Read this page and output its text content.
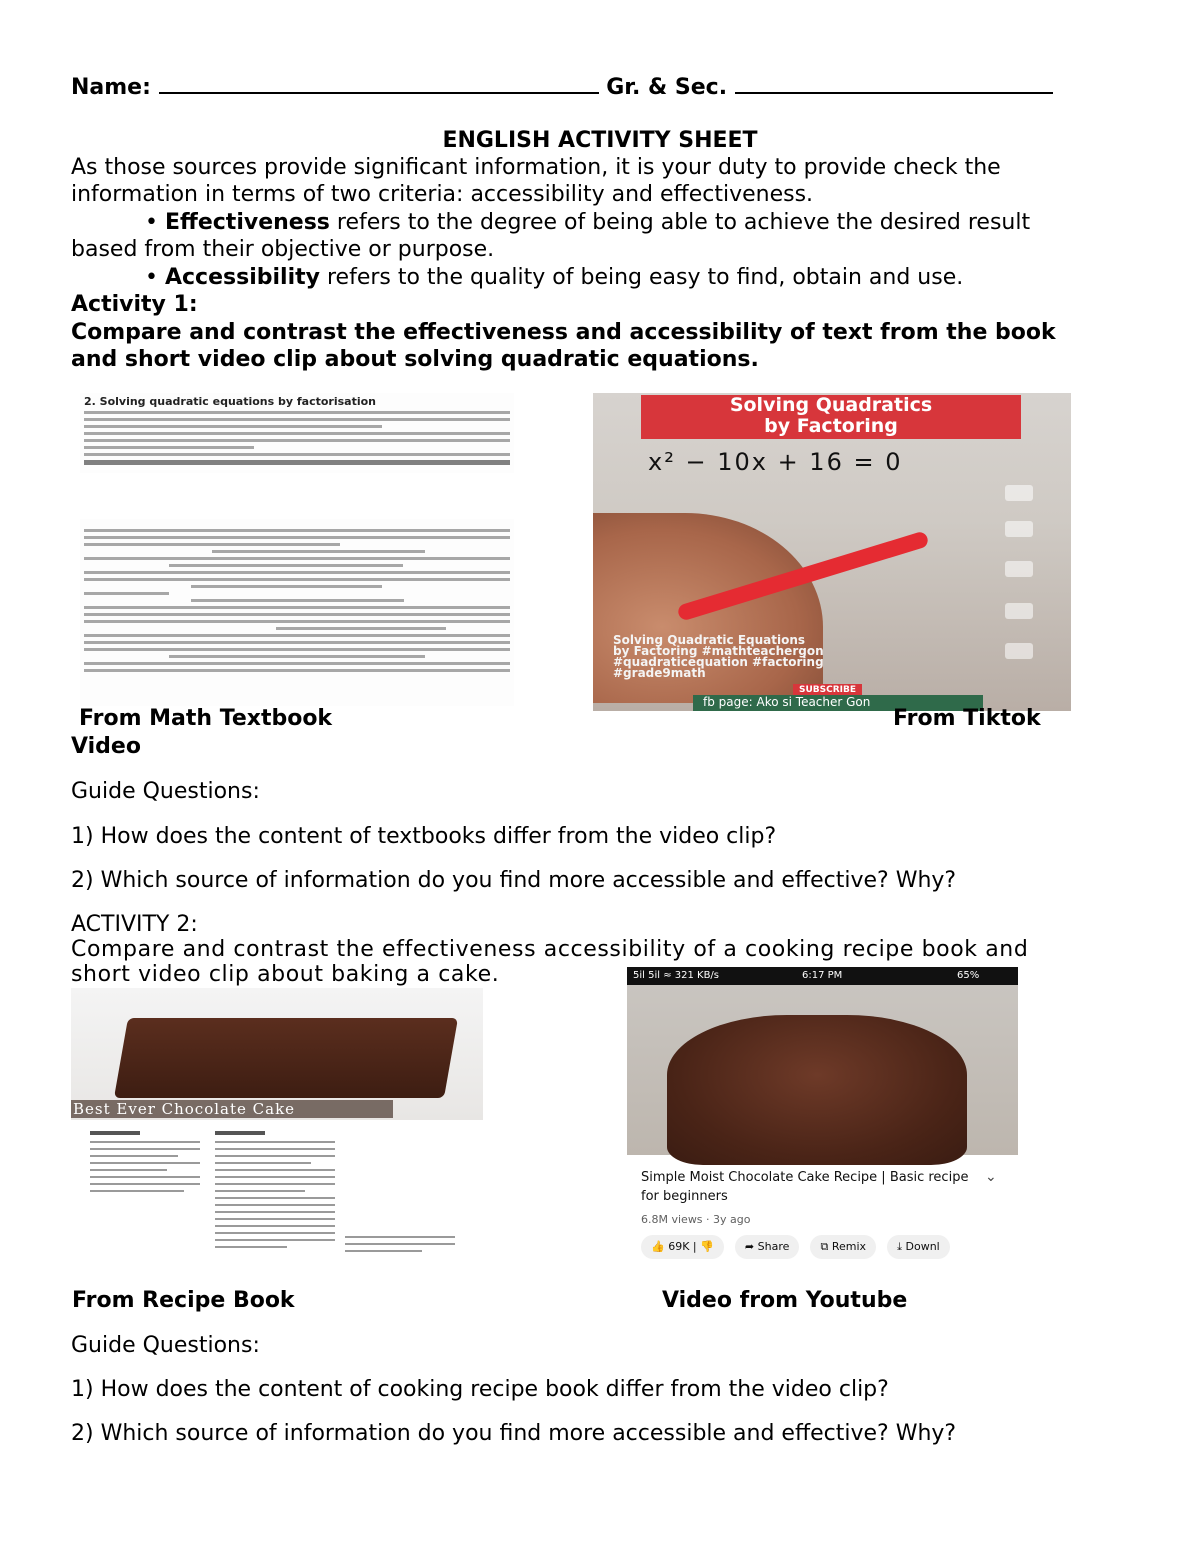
Name:	Gr. & Sec.
ENGLISH ACTIVITY SHEET
As those sources provide significant information, it is your duty to provide check the
information in terms of two criteria: accessibility and effectiveness.
• Effectiveness refers to the degree of being able to achieve the desired result
based from their objective or purpose.
• Accessibility refers to the quality of being easy to find, obtain and use.
Activity 1:
Compare and contrast the effectiveness and accessibility of text from the book
and short video clip about solving quadratic equations.
2. Solving quadratic equations by factorisation	Solving Quadratics
by Factoring
x² − 10x + 16 = 0
Solving Quadratic Equations
by Factoring #mathteachergon
#quadraticequation #factoring
#grade9math
SUBSCRIBE
fb page: Ako si Teacher Gon
From Math Textbook	From Tiktok
Video
Guide Questions:
1) How does the content of textbooks differ from the video clip?
2) Which source of information do you find more accessible and effective? Why?
ACTIVITY 2:
Compare and contrast the effectiveness accessibility of a cooking recipe book and
short video clip about baking a cake.
Best Ever Chocolate Cake
5il 5il ≈ 321 KB/s	6:17 PM	65%
Simple Moist Chocolate Cake Recipe | Basic recipe for beginners
⌄
6.8M views · 3y ago
👍 69K | 👎	➦ Share	⧉ Remix	⤓ Downl
From Recipe Book	Video from Youtube
Guide Questions:
1) How does the content of cooking recipe book differ from the video clip?
2) Which source of information do you find more accessible and effective? Why?
